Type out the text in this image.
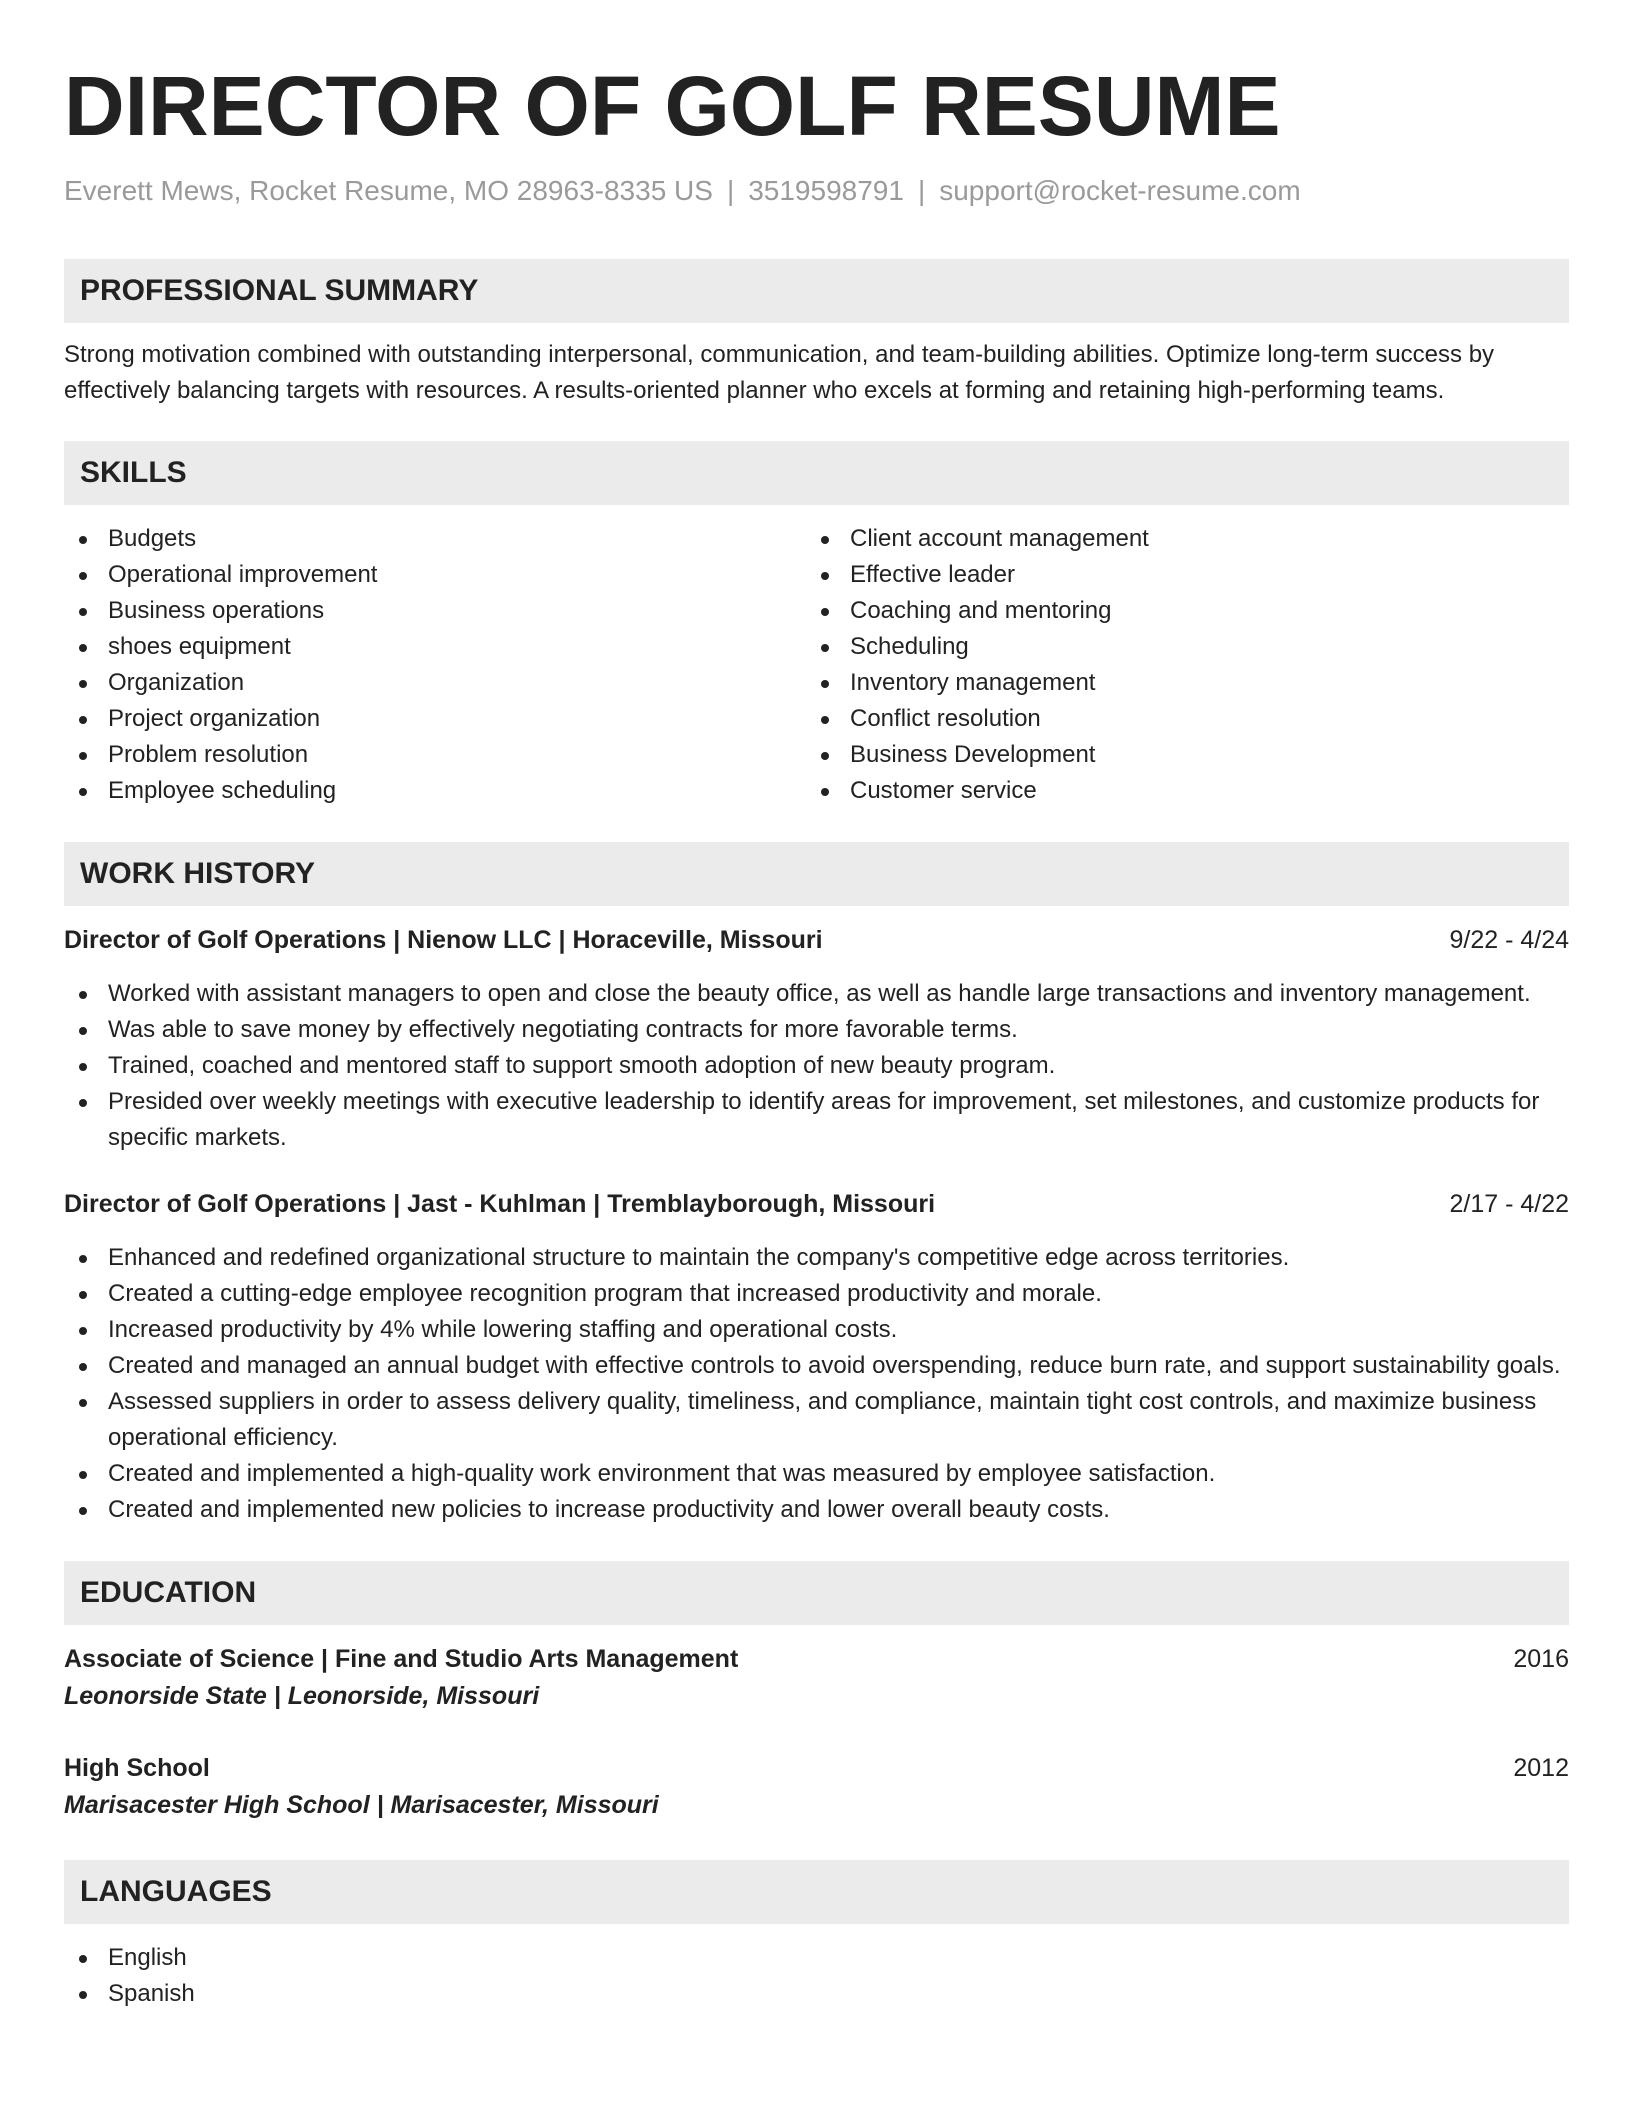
DIRECTOR OF GOLF RESUME
Everett Mews, Rocket Resume, MO 28963-8335 US | 3519598791 | support@rocket-resume.com
PROFESSIONAL SUMMARY
Strong motivation combined with outstanding interpersonal, communication, and team-building abilities. Optimize long-term success by effectively balancing targets with resources. A results-oriented planner who excels at forming and retaining high-performing teams.
SKILLS
Budgets
Operational improvement
Business operations
shoes equipment
Organization
Project organization
Problem resolution
Employee scheduling
Client account management
Effective leader
Coaching and mentoring
Scheduling
Inventory management
Conflict resolution
Business Development
Customer service
WORK HISTORY
Director of Golf Operations | Nienow LLC | Horaceville, Missouri	9/22 - 4/24
Worked with assistant managers to open and close the beauty office, as well as handle large transactions and inventory management.
Was able to save money by effectively negotiating contracts for more favorable terms.
Trained, coached and mentored staff to support smooth adoption of new beauty program.
Presided over weekly meetings with executive leadership to identify areas for improvement, set milestones, and customize products for specific markets.
Director of Golf Operations | Jast - Kuhlman | Tremblayborough, Missouri	2/17 - 4/22
Enhanced and redefined organizational structure to maintain the company's competitive edge across territories.
Created a cutting-edge employee recognition program that increased productivity and morale.
Increased productivity by 4% while lowering staffing and operational costs.
Created and managed an annual budget with effective controls to avoid overspending, reduce burn rate, and support sustainability goals.
Assessed suppliers in order to assess delivery quality, timeliness, and compliance, maintain tight cost controls, and maximize business operational efficiency.
Created and implemented a high-quality work environment that was measured by employee satisfaction.
Created and implemented new policies to increase productivity and lower overall beauty costs.
EDUCATION
Associate of Science | Fine and Studio Arts Management	2016
Leonorside State | Leonorside, Missouri
High School	2012
Marisacester High School | Marisacester, Missouri
LANGUAGES
English
Spanish
